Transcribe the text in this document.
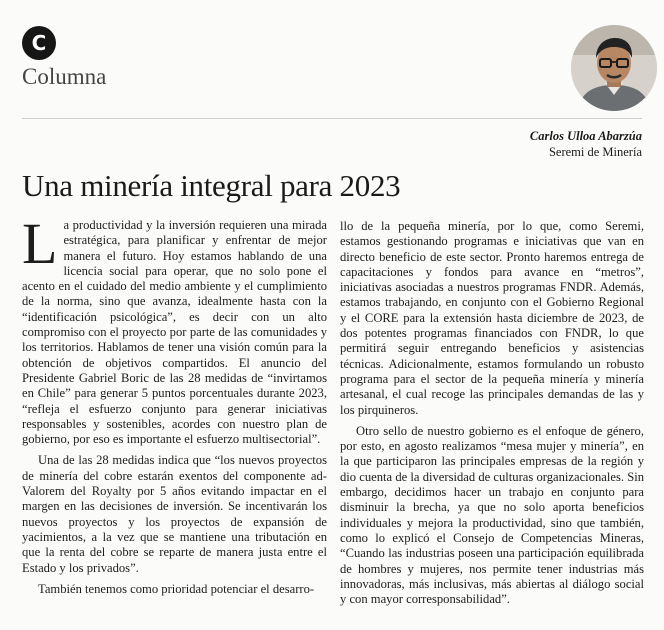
C
Columna
Carlos Ulloa Abarzúa
Seremi de Minería
Una minería integral para 2023

La productividad y la inversión requieren una mirada estratégica, para planificar y enfrentar de mejor manera el futuro. Hoy estamos hablando de una licencia social para operar, que no solo pone el acento en el cuidado del medio ambiente y el cumplimiento de la norma, sino que avanza, idealmente hasta con la “identificación psicológica”, es decir con un alto compromiso con el proyecto por parte de las comunidades y los territorios. Hablamos de tener una visión común para la obtención de objetivos compartidos. El anuncio del Presidente Gabriel Boric de las 28 medidas de “invirtamos en Chile” para generar 5 puntos porcentuales durante 2023, “refleja el esfuerzo conjunto para generar iniciativas responsables y sostenibles, acordes con nuestro plan de gobierno, por eso es importante el esfuerzo multisectorial”.

Una de las 28 medidas indica que “los nuevos proyectos de minería del cobre estarán exentos del componente ad-Valorem del Royalty por 5 años evitando impactar en el margen en las decisiones de inversión. Se incentivarán los nuevos proyectos y los proyectos de expansión de yacimientos, a la vez que se mantiene una tributación en que la renta del cobre se reparte de manera justa entre el Estado y los privados”.

También tenemos como prioridad potenciar el desarro-

llo de la pequeña minería, por lo que, como Seremi, estamos gestionando programas e iniciativas que van en directo beneficio de este sector. Pronto haremos entrega de capacitaciones y fondos para avance en “metros”, iniciativas asociadas a nuestros programas FNDR. Además, estamos trabajando, en conjunto con el Gobierno Regional y el CORE para la extensión hasta diciembre de 2023, de dos potentes programas financiados con FNDR, lo que permitirá seguir entregando beneficios y asistencias técnicas. Adicionalmente, estamos formulando un robusto programa para el sector de la pequeña minería y minería artesanal, el cual recoge las principales demandas de las y los pirquineros.

Otro sello de nuestro gobierno es el enfoque de género, por esto, en agosto realizamos “mesa mujer y minería”, en la que participaron las principales empresas de la región y dio cuenta de la diversidad de culturas organizacionales. Sin embargo, decidimos hacer un trabajo en conjunto para disminuir la brecha, ya que no solo aporta beneficios individuales y mejora la productividad, sino que también, como lo explicó el Consejo de Competencias Mineras, “Cuando las industrias poseen una participación equilibrada de hombres y mujeres, nos permite tener industrias más innovadoras, más inclusivas, más abiertas al diálogo social y con mayor corresponsabilidad”.
